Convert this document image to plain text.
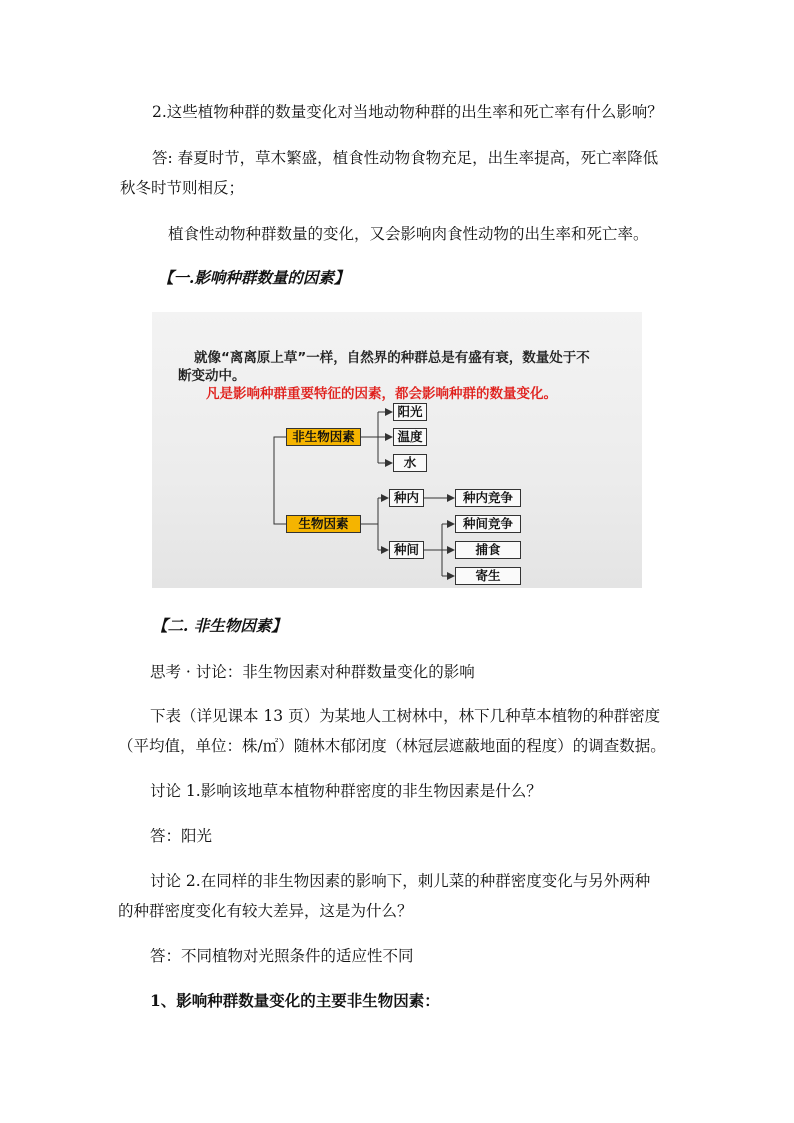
2.这些植物种群的数量变化对当地动物种群的出生率和死亡率有什么影响？
答: 春夏时节，草木繁盛，植食性动物食物充足，出生率提高，死亡率降低
秋冬时节则相反；
植食性动物种群数量的变化，又会影响肉食性动物的出生率和死亡率。
【一.影响种群数量的因素】
就像“离离原上草”一样，自然界的种群总是有盛有衰，数量处于不
断变动中。
凡是影响种群重要特征的因素，都会影响种群的数量变化。
非生物因素
阳光
温度
水
生物因素
种内
种间
种内竞争
种间竞争
捕食
寄生
【二. 非生物因素】
思考 · 讨论：非生物因素对种群数量变化的影响
下表（详见课本 13 页）为某地人工树林中，林下几种草本植物的种群密度
（平均值，单位：株/㎡）随林木郁闭度（林冠层遮蔽地面的程度）的调查数据。
讨论 1.影响该地草本植物种群密度的非生物因素是什么？
答：阳光
讨论 2.在同样的非生物因素的影响下，刺儿菜的种群密度变化与另外两种
的种群密度变化有较大差异，这是为什么？
答：不同植物对光照条件的适应性不同
1、影响种群数量变化的主要非生物因素：
